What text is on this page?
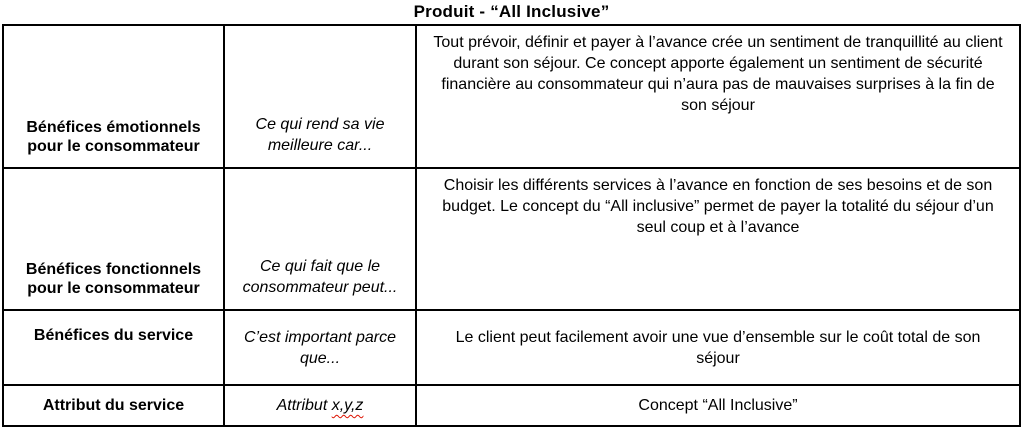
Produit - “All Inclusive”
Bénéfices émotionnels pour le consommateur	Ce qui rend sa vie meilleure car...	Tout prévoir, définir et payer à l’avance crée un sentiment de tranquillité au client durant son séjour. Ce concept apporte également un sentiment de sécurité financière au consommateur qui n’aura pas de mauvaises surprises à la fin de son séjour
Bénéfices fonctionnels pour le consommateur	Ce qui fait que le consommateur peut...	Choisir les différents services à l’avance en fonction de ses besoins et de son budget. Le concept du “All inclusive” permet de payer la totalité du séjour d’un seul coup et à l’avance
Bénéfices du service	C’est important parce que...	Le client peut facilement avoir une vue d’ensemble sur le coût total de son séjour
Attribut du service	Attribut x,y,z	Concept “All Inclusive”
